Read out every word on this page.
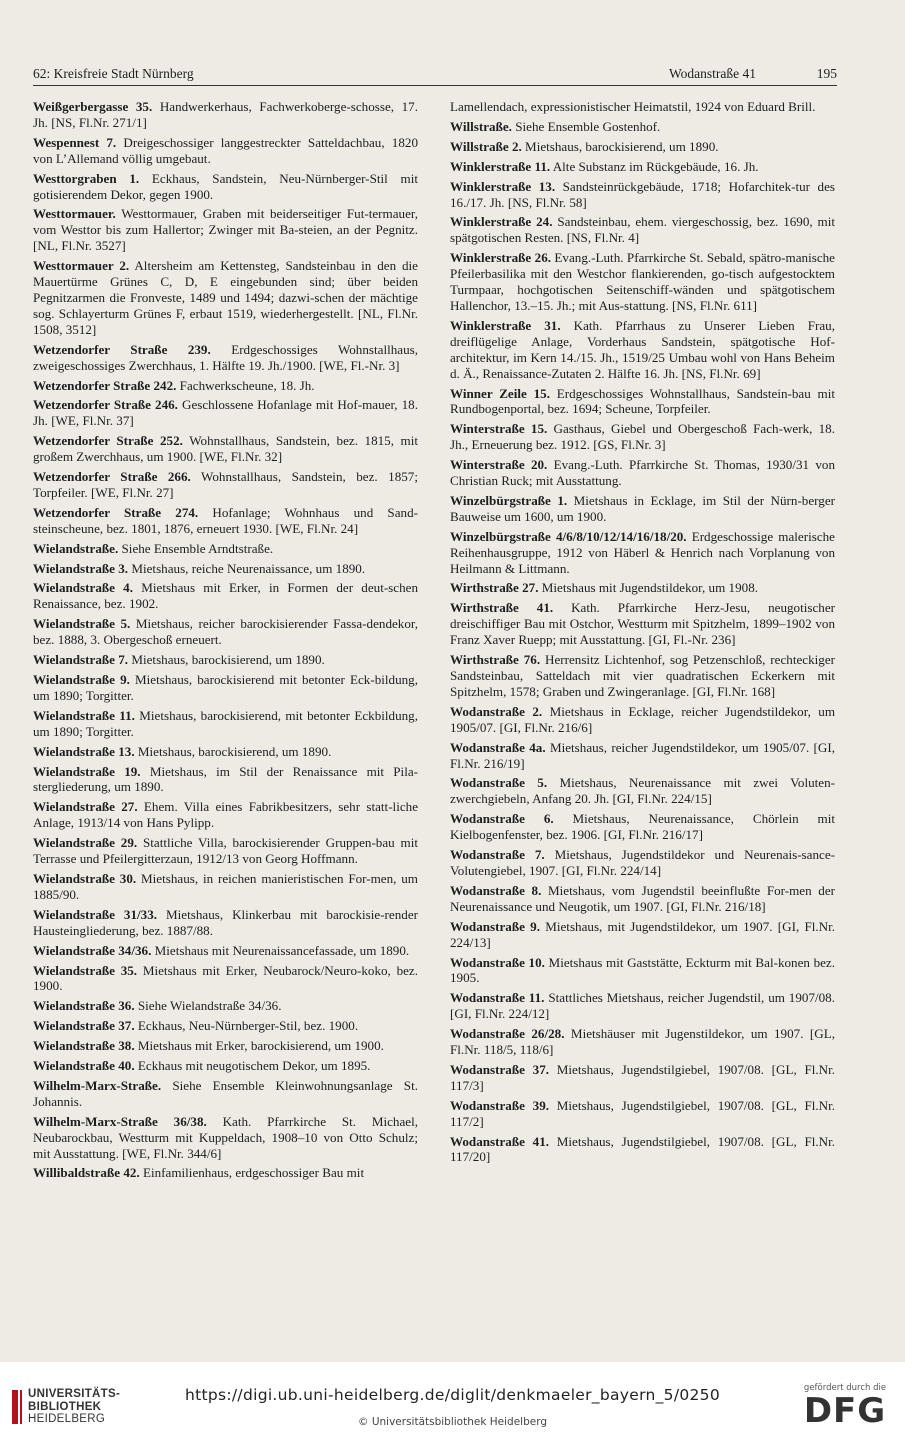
62: Kreisfreie Stadt Nürnberg	Wodanstraße 41	195

Weißgerbergasse 35. Handwerkerhaus, Fachwerkoberge-schosse, 17. Jh. [NS, Fl.Nr. 271/1]

Wespennest 7. Dreigeschossiger langgestreckter Satteldachbau, 1820 von L’Allemand völlig umgebaut.

Westtorgraben 1. Eckhaus, Sandstein, Neu-Nürnberger-Stil mit gotisierendem Dekor, gegen 1900.

Westtormauer. Westtormauer, Graben mit beiderseitiger Fut-termauer, vom Westtor bis zum Hallertor; Zwinger mit Ba-steien, an der Pegnitz. [NL, Fl.Nr. 3527]

Westtormauer 2. Altersheim am Kettensteg, Sandsteinbau in den die Mauertürme Grünes C, D, E eingebunden sind; über beiden Pegnitzarmen die Fronveste, 1489 und 1494; dazwi-schen der mächtige sog. Schlayerturm Grünes F, erbaut 1519, wiederhergestellt. [NL, Fl.Nr. 1508, 3512]

Wetzendorfer Straße 239. Erdgeschossiges Wohnstallhaus, zweigeschossiges Zwerchhaus, 1. Hälfte 19. Jh./1900. [WE, Fl.-Nr. 3]

Wetzendorfer Straße 242. Fachwerkscheune, 18. Jh.

Wetzendorfer Straße 246. Geschlossene Hofanlage mit Hof-mauer, 18. Jh. [WE, Fl.Nr. 37]

Wetzendorfer Straße 252. Wohnstallhaus, Sandstein, bez. 1815, mit großem Zwerchhaus, um 1900. [WE, Fl.Nr. 32]

Wetzendorfer Straße 266. Wohnstallhaus, Sandstein, bez. 1857; Torpfeiler. [WE, Fl.Nr. 27]

Wetzendorfer Straße 274. Hofanlage; Wohnhaus und Sand-steinscheune, bez. 1801, 1876, erneuert 1930. [WE, Fl.Nr. 24]

Wielandstraße. Siehe Ensemble Arndtstraße.

Wielandstraße 3. Mietshaus, reiche Neurenaissance, um 1890.

Wielandstraße 4. Mietshaus mit Erker, in Formen der deut-schen Renaissance, bez. 1902.

Wielandstraße 5. Mietshaus, reicher barockisierender Fassa-dendekor, bez. 1888, 3. Obergeschoß erneuert.

Wielandstraße 7. Mietshaus, barockisierend, um 1890.

Wielandstraße 9. Mietshaus, barockisierend mit betonter Eck-bildung, um 1890; Torgitter.

Wielandstraße 11. Mietshaus, barockisierend, mit betonter Eckbildung, um 1890; Torgitter.

Wielandstraße 13. Mietshaus, barockisierend, um 1890.

Wielandstraße 19. Mietshaus, im Stil der Renaissance mit Pila-stergliederung, um 1890.

Wielandstraße 27. Ehem. Villa eines Fabrikbesitzers, sehr statt-liche Anlage, 1913/14 von Hans Pylipp.

Wielandstraße 29. Stattliche Villa, barockisierender Gruppen-bau mit Terrasse und Pfeilergitterzaun, 1912/13 von Georg Hoffmann.

Wielandstraße 30. Mietshaus, in reichen manieristischen For-men, um 1885/90.

Wielandstraße 31/33. Mietshaus, Klinkerbau mit barockisie-render Hausteingliederung, bez. 1887/88.

Wielandstraße 34/36. Mietshaus mit Neurenaissancefassade, um 1890.

Wielandstraße 35. Mietshaus mit Erker, Neubarock/Neuro-koko, bez. 1900.

Wielandstraße 36. Siehe Wielandstraße 34/36.

Wielandstraße 37. Eckhaus, Neu-Nürnberger-Stil, bez. 1900.

Wielandstraße 38. Mietshaus mit Erker, barockisierend, um 1900.

Wielandstraße 40. Eckhaus mit neugotischem Dekor, um 1895.

Wilhelm-Marx-Straße. Siehe Ensemble Kleinwohnungsanlage St. Johannis.

Wilhelm-Marx-Straße 36/38. Kath. Pfarrkirche St. Michael, Neubarockbau, Westturm mit Kuppeldach, 1908–10 von Otto Schulz; mit Ausstattung. [WE, Fl.Nr. 344/6]

Willibaldstraße 42. Einfamilienhaus, erdgeschossiger Bau mit

Lamellendach, expressionistischer Heimatstil, 1924 von Eduard Brill.

Willstraße. Siehe Ensemble Gostenhof.

Willstraße 2. Mietshaus, barockisierend, um 1890.

Winklerstraße 11. Alte Substanz im Rückgebäude, 16. Jh.

Winklerstraße 13. Sandsteinrückgebäude, 1718; Hofarchitek-tur des 16./17. Jh. [NS, Fl.Nr. 58]

Winklerstraße 24. Sandsteinbau, ehem. viergeschossig, bez. 1690, mit spätgotischen Resten. [NS, Fl.Nr. 4]

Winklerstraße 26. Evang.-Luth. Pfarrkirche St. Sebald, spätro-manische Pfeilerbasilika mit den Westchor flankierenden, go-tisch aufgestocktem Turmpaar, hochgotischen Seitenschiff-wänden und spätgotischem Hallenchor, 13.–15. Jh.; mit Aus-stattung. [NS, Fl.Nr. 611]

Winklerstraße 31. Kath. Pfarrhaus zu Unserer Lieben Frau, dreiflügelige Anlage, Vorderhaus Sandstein, spätgotische Hof-architektur, im Kern 14./15. Jh., 1519/25 Umbau wohl von Hans Beheim d. Ä., Renaissance-Zutaten 2. Hälfte 16. Jh. [NS, Fl.Nr. 69]

Winner Zeile 15. Erdgeschossiges Wohnstallhaus, Sandstein-bau mit Rundbogenportal, bez. 1694; Scheune, Torpfeiler.

Winterstraße 15. Gasthaus, Giebel und Obergeschoß Fach-werk, 18. Jh., Erneuerung bez. 1912. [GS, Fl.Nr. 3]

Winterstraße 20. Evang.-Luth. Pfarrkirche St. Thomas, 1930/31 von Christian Ruck; mit Ausstattung.

Winzelbürgstraße 1. Mietshaus in Ecklage, im Stil der Nürn-berger Bauweise um 1600, um 1900.

Winzelbürgstraße 4/6/8/10/12/14/16/18/20. Erdgeschossige malerische Reihenhausgruppe, 1912 von Häberl & Henrich nach Vorplanung von Heilmann & Littmann.

Wirthstraße 27. Mietshaus mit Jugendstildekor, um 1908.

Wirthstraße 41. Kath. Pfarrkirche Herz-Jesu, neugotischer dreischiffiger Bau mit Ostchor, Westturm mit Spitzhelm, 1899–1902 von Franz Xaver Ruepp; mit Ausstattung. [GI, Fl.-Nr. 236]

Wirthstraße 76. Herrensitz Lichtenhof, sog Petzenschloß, rechteckiger Sandsteinbau, Satteldach mit vier quadratischen Eckerkern mit Spitzhelm, 1578; Graben und Zwingeranlage. [GI, Fl.Nr. 168]

Wodanstraße 2. Mietshaus in Ecklage, reicher Jugendstildekor, um 1905/07. [GI, Fl.Nr. 216/6]

Wodanstraße 4a. Mietshaus, reicher Jugendstildekor, um 1905/07. [GI, Fl.Nr. 216/19]

Wodanstraße 5. Mietshaus, Neurenaissance mit zwei Voluten-zwerchgiebeln, Anfang 20. Jh. [GI, Fl.Nr. 224/15]

Wodanstraße 6. Mietshaus, Neurenaissance, Chörlein mit Kielbogenfenster, bez. 1906. [GI, Fl.Nr. 216/17]

Wodanstraße 7. Mietshaus, Jugendstildekor und Neurenais-sance-Volutengiebel, 1907. [GI, Fl.Nr. 224/14]

Wodanstraße 8. Mietshaus, vom Jugendstil beeinflußte For-men der Neurenaissance und Neugotik, um 1907. [GI, Fl.Nr. 216/18]

Wodanstraße 9. Mietshaus, mit Jugendstildekor, um 1907. [GI, Fl.Nr. 224/13]

Wodanstraße 10. Mietshaus mit Gaststätte, Eckturm mit Bal-konen bez. 1905.

Wodanstraße 11. Stattliches Mietshaus, reicher Jugendstil, um 1907/08. [GI, Fl.Nr. 224/12]

Wodanstraße 26/28. Mietshäuser mit Jugenstildekor, um 1907. [GL, Fl.Nr. 118/5, 118/6]

Wodanstraße 37. Mietshaus, Jugendstilgiebel, 1907/08. [GL, Fl.Nr. 117/3]

Wodanstraße 39. Mietshaus, Jugendstilgiebel, 1907/08. [GL, Fl.Nr. 117/2]

Wodanstraße 41. Mietshaus, Jugendstilgiebel, 1907/08. [GL, Fl.Nr. 117/20]

UNIVERSITÄTS-
BIBLIOTHEK
HEIDELBERG
https://digi.ub.uni-heidelberg.de/diglit/denkmaeler_bayern_5/0250
© Universitätsbibliothek Heidelberg
gefördert durch die
DFG
